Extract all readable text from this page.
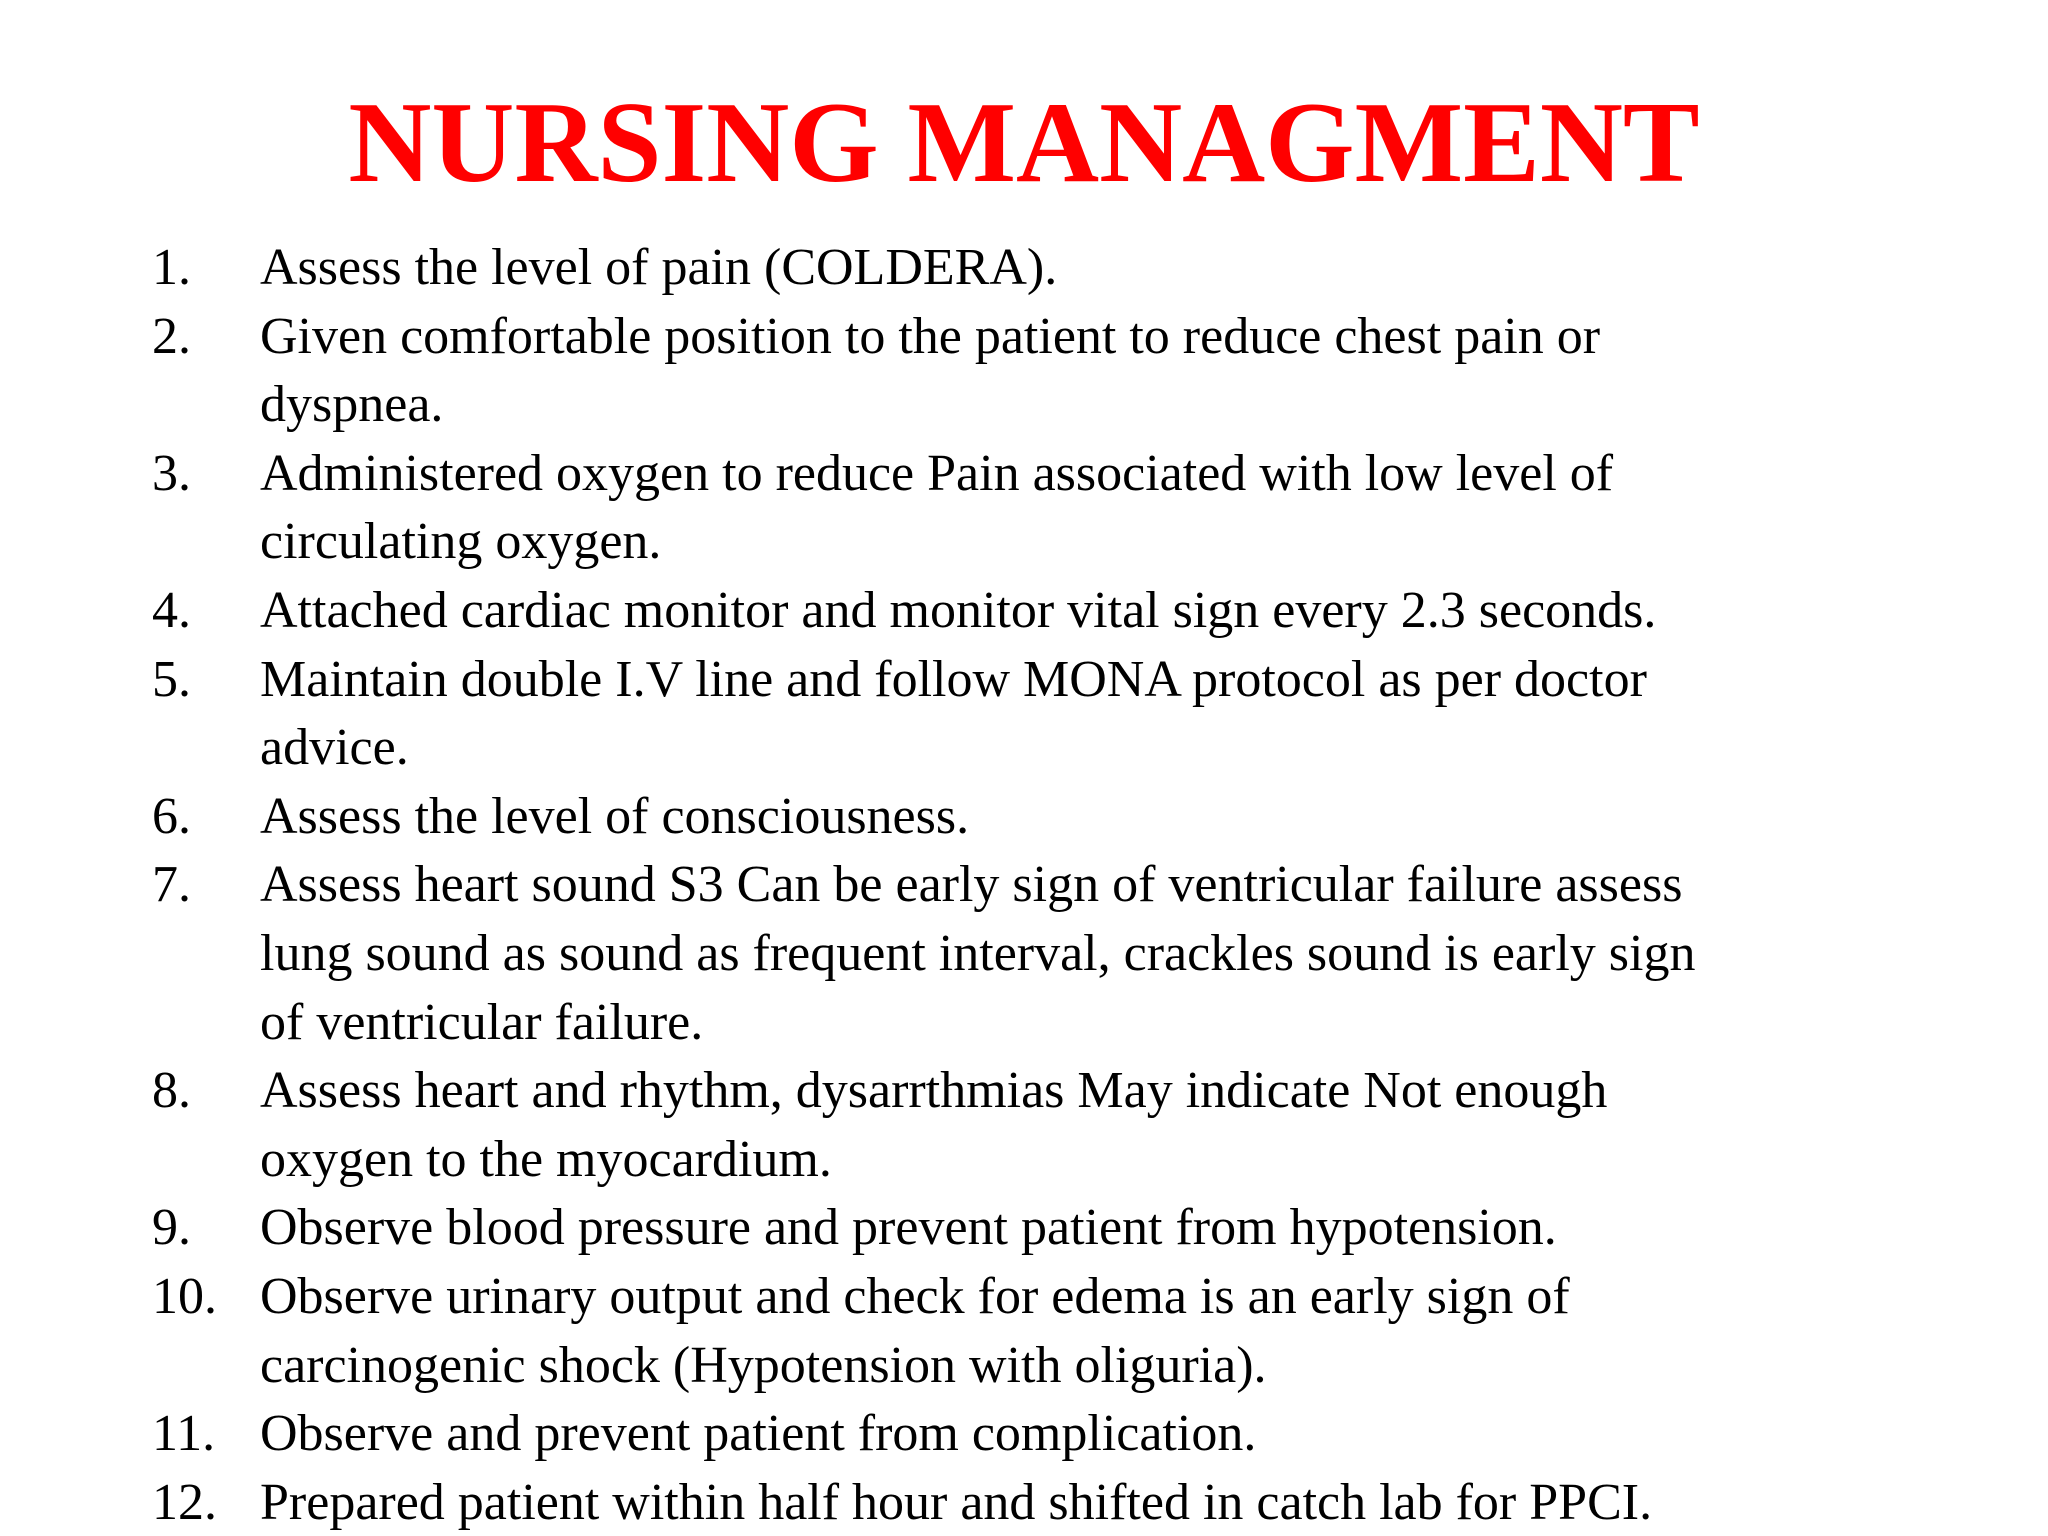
NURSING MANAGMENT
1. Assess the level of pain (COLDERA).
2. Given comfortable position to the patient to reduce chest pain or
dyspnea.
3. Administered oxygen to reduce Pain associated with low level of
circulating oxygen.
4. Attached cardiac monitor and monitor vital sign every 2.3 seconds.
5. Maintain double I.V line and follow MONA protocol as per doctor
advice.
6. Assess the level of consciousness.
7. Assess heart sound S3 Can be early sign of ventricular failure assess
lung sound as sound as frequent interval, crackles sound is early sign
of ventricular failure.
8. Assess heart and rhythm, dysarrthmias May indicate Not enough
oxygen to the myocardium.
9. Observe blood pressure and prevent patient from hypotension.
10. Observe urinary output and check for edema is an early sign of
carcinogenic shock (Hypotension with oliguria).
11. Observe and prevent patient from complication.
12. Prepared patient within half hour and shifted in catch lab for PPCI.
